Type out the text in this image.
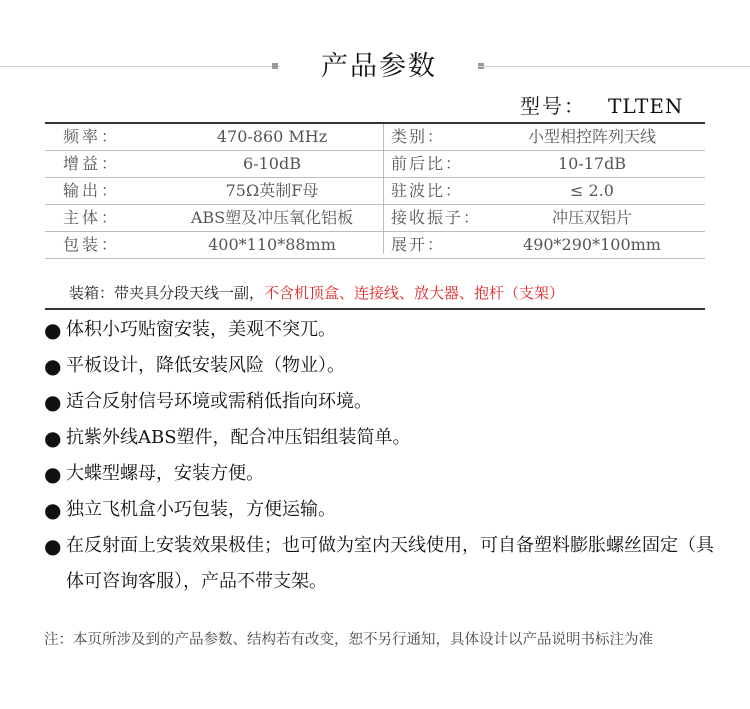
产品参数
型号： TLTEN
频率：	470-860 MHz	类别：	小型相控阵列天线
增益：	6-10dB	前后比：	10-17dB
输出：	75Ω英制F母	驻波比：	≤ 2.0
主体：	ABS塑及冲压氧化铝板	接收振子：	冲压双铝片
包装：	400*110*88mm	展开：	490*290*100mm
装箱：带夹具分段天线一副，不含机顶盒、连接线、放大器、抱杆（支架）
● 体积小巧贴窗安装，美观不突兀。
● 平板设计，降低安装风险（物业）。
● 适合反射信号环境或需稍低指向环境。
● 抗紫外线ABS塑件，配合冲压铝组装简单。
● 大蝶型螺母，安装方便。
● 独立飞机盒小巧包装，方便运输。
● 在反射面上安装效果极佳；也可做为室内天线使用，可自备塑料膨胀螺丝固定（具体可咨询客服），产品不带支架。
注：本页所涉及到的产品参数、结构若有改变，恕不另行通知，具体设计以产品说明书标注为准
